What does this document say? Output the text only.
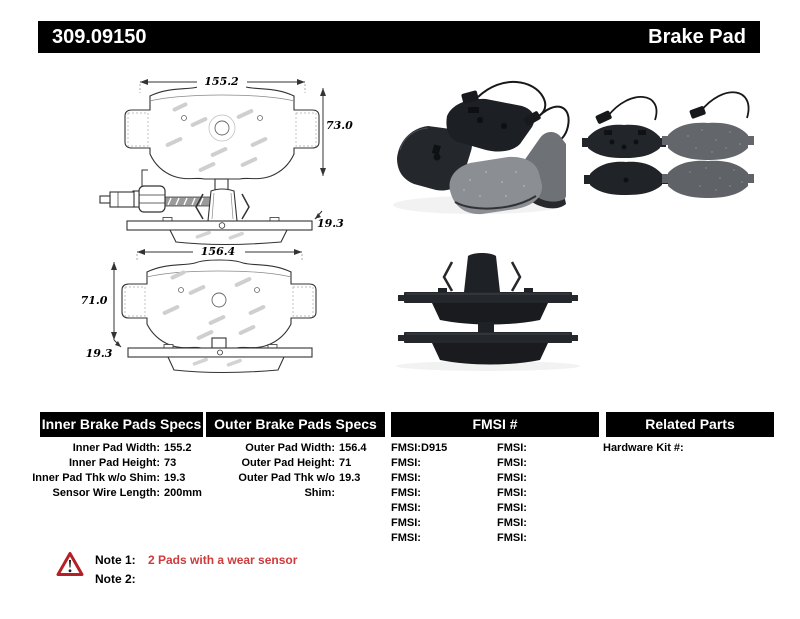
309.09150	Brake Pad
155.2
73.0
19.3
156.4
71.0
19.3
Inner Brake Pads Specs Outer Brake Pads Specs	FMSI #	Related Parts
Inner Pad Width: 155.2
Inner Pad Height: 73
Inner Pad Thk w/o Shim: 19.3
Sensor Wire Length: 200mm
Outer Pad Width: 156.4
Outer Pad Height: 71
Outer Pad Thk w/o Shim:
19.3
FMSI: D915	FMSI:
FMSI:	FMSI:
FMSI:	FMSI:
FMSI:	FMSI:
FMSI:	FMSI:
FMSI:	FMSI:
FMSI:	FMSI:
Hardware Kit #:
Note 1: 2 Pads with a wear sensor
Note 2:
